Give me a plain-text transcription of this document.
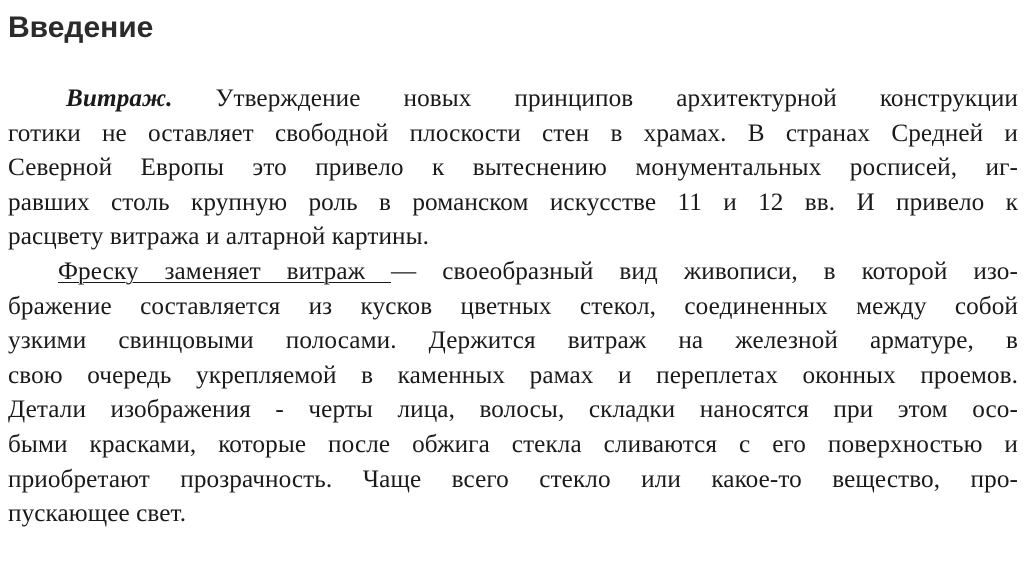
Введение
Витраж. Утверждение новых принципов архитектурной конструкции
готики не оставляет свободной плоскости стен в храмах. В странах Средней и
Северной Европы это привело к вытеснению монументальных росписей, иг-
равших столь крупную роль в романском искусстве 11 и 12 вв. И привело к
расцвету витража и алтарной картины.
Фреску заменяет витраж — своеобразный вид живописи, в которой изо-
бражение составляется из кусков цветных стекол, соединенных между собой
узкими свинцовыми полосами. Держится витраж на железной арматуре, в
свою очередь укрепляемой в каменных рамах и переплетах оконных проемов.
Детали изображения - черты лица, волосы, складки наносятся при этом осо-
быми красками, которые после обжига стекла сливаются с его поверхностью и
приобретают прозрачность. Чаще всего стекло или какое-то вещество, про-
пускающее свет.
